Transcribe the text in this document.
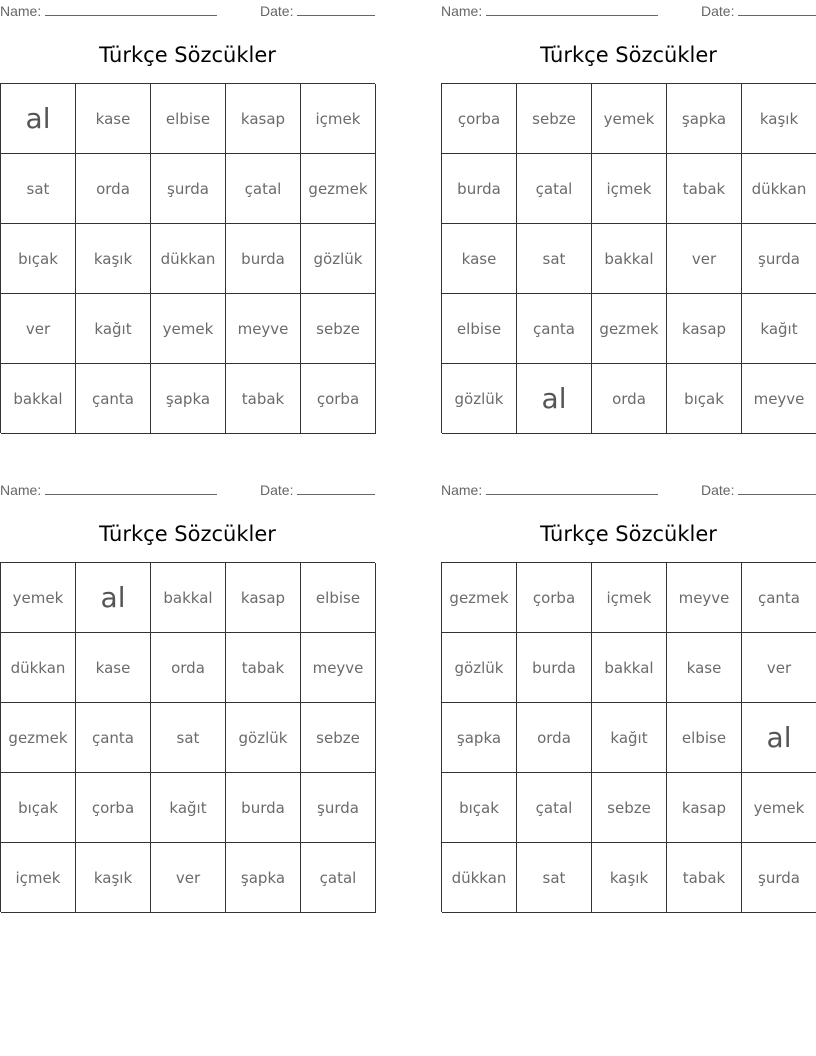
Name:	Date:
Türkçe Sözcükler
al	kase	elbise	kasap	içmek
sat	orda	şurda	çatal	gezmek
bıçak	kaşık	dükkan	burda	gözlük
ver	kağıt	yemek	meyve	sebze
bakkal	çanta	şapka	tabak	çorba
Name:	Date:
Türkçe Sözcükler
çorba	sebze	yemek	şapka	kaşık
burda	çatal	içmek	tabak	dükkan
kase	sat	bakkal	ver	şurda
elbise	çanta	gezmek	kasap	kağıt
gözlük	al	orda	bıçak	meyve
Name:	Date:
Türkçe Sözcükler
yemek	al	bakkal	kasap	elbise
dükkan	kase	orda	tabak	meyve
gezmek	çanta	sat	gözlük	sebze
bıçak	çorba	kağıt	burda	şurda
içmek	kaşık	ver	şapka	çatal
Name:	Date:
Türkçe Sözcükler
gezmek	çorba	içmek	meyve	çanta
gözlük	burda	bakkal	kase	ver
şapka	orda	kağıt	elbise	al
bıçak	çatal	sebze	kasap	yemek
dükkan	sat	kaşık	tabak	şurda
